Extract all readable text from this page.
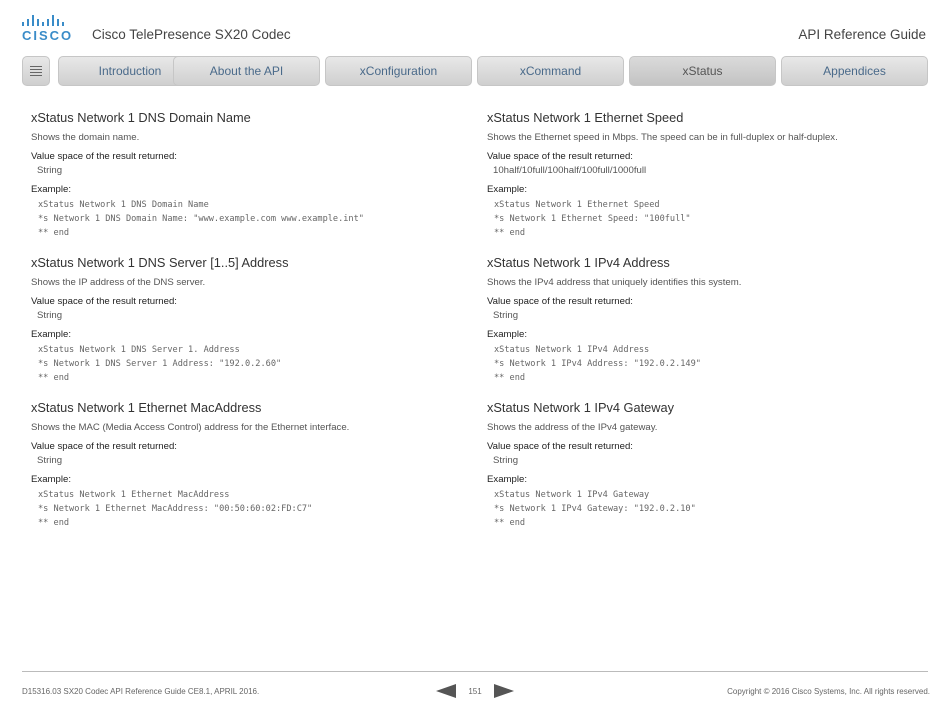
CISCO Cisco TelePresence SX20 Codec	API Reference Guide
Introduction	About the API	xConfiguration	xCommand	xStatus	Appendices
xStatus Network 1 DNS Domain Name
Shows the domain name.
Value space of the result returned:
String
Example:
xStatus Network 1 DNS Domain Name
*s Network 1 DNS Domain Name: "www.example.com www.example.int"
** end
xStatus Network 1 DNS Server [1..5] Address
Shows the IP address of the DNS server.
Value space of the result returned:
String
Example:
xStatus Network 1 DNS Server 1. Address
*s Network 1 DNS Server 1 Address: "192.0.2.60"
** end
xStatus Network 1 Ethernet MacAddress
Shows the MAC (Media Access Control) address for the Ethernet interface.
Value space of the result returned:
String
Example:
xStatus Network 1 Ethernet MacAddress
*s Network 1 Ethernet MacAddress: "00:50:60:02:FD:C7"
** end
xStatus Network 1 Ethernet Speed
Shows the Ethernet speed in Mbps. The speed can be in full-duplex or half-duplex.
Value space of the result returned:
10half/10full/100half/100full/1000full
Example:
xStatus Network 1 Ethernet Speed
*s Network 1 Ethernet Speed: "100full"
** end
xStatus Network 1 IPv4 Address
Shows the IPv4 address that uniquely identifies this system.
Value space of the result returned:
String
Example:
xStatus Network 1 IPv4 Address
*s Network 1 IPv4 Address: "192.0.2.149"
** end
xStatus Network 1 IPv4 Gateway
Shows the address of the IPv4 gateway.
Value space of the result returned:
String
Example:
xStatus Network 1 IPv4 Gateway
*s Network 1 IPv4 Gateway: "192.0.2.10"
** end
D15316.03 SX20 Codec API Reference Guide CE8.1, APRIL 2016.	151	Copyright © 2016 Cisco Systems, Inc. All rights reserved.
